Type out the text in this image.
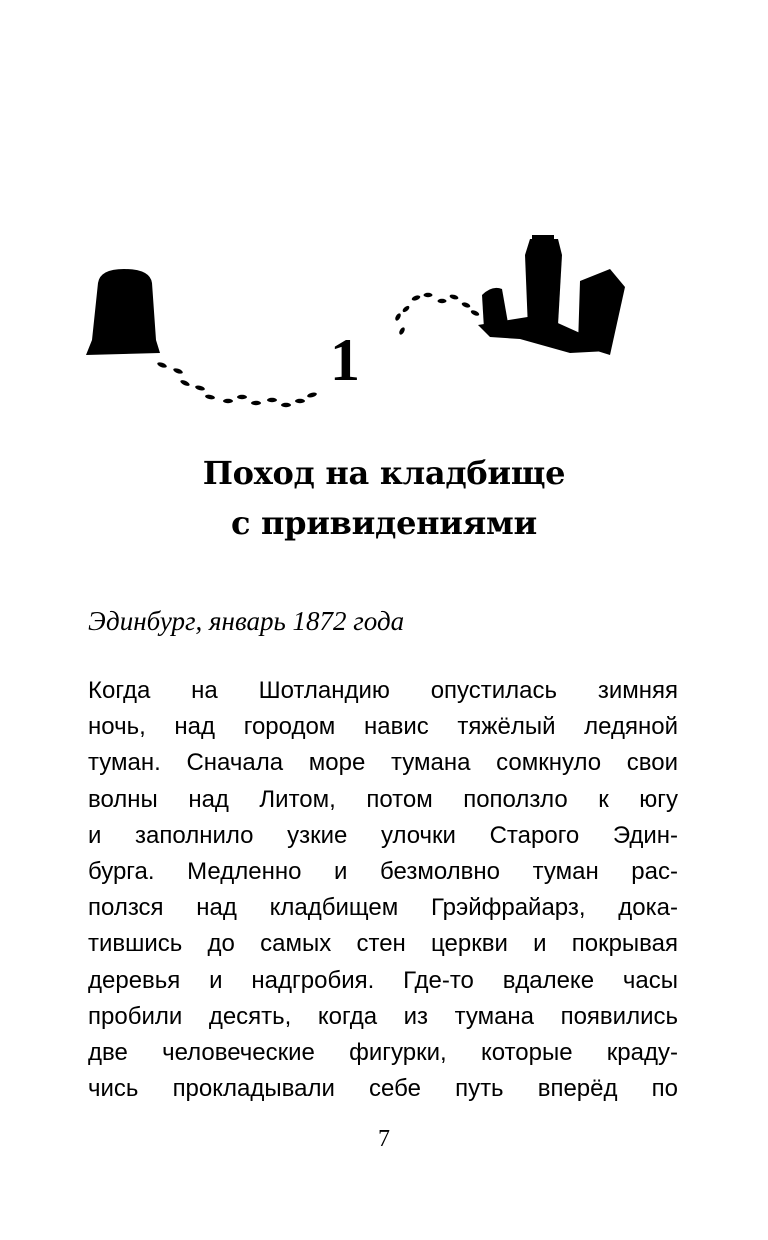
1
Поход на кладбище
с привидениями

Эдинбург, январь 1872 года

Когда на Шотландию опустилась зимняя
ночь, над городом навис тяжёлый ледяной
туман. Сначала море тумана сомкнуло свои
волны над Литом, потом поползло к югу
и заполнило узкие улочки Старого Эдин-
бурга. Медленно и безмолвно туман рас-
ползся над кладбищем Грэйфрайарз, дока-
тившись до самых стен церкви и покрывая
деревья и надгробия. Где-то вдалеке часы
пробили десять, когда из тумана появились
две человеческие фигурки, которые краду-
чись прокладывали себе путь вперёд по

7
